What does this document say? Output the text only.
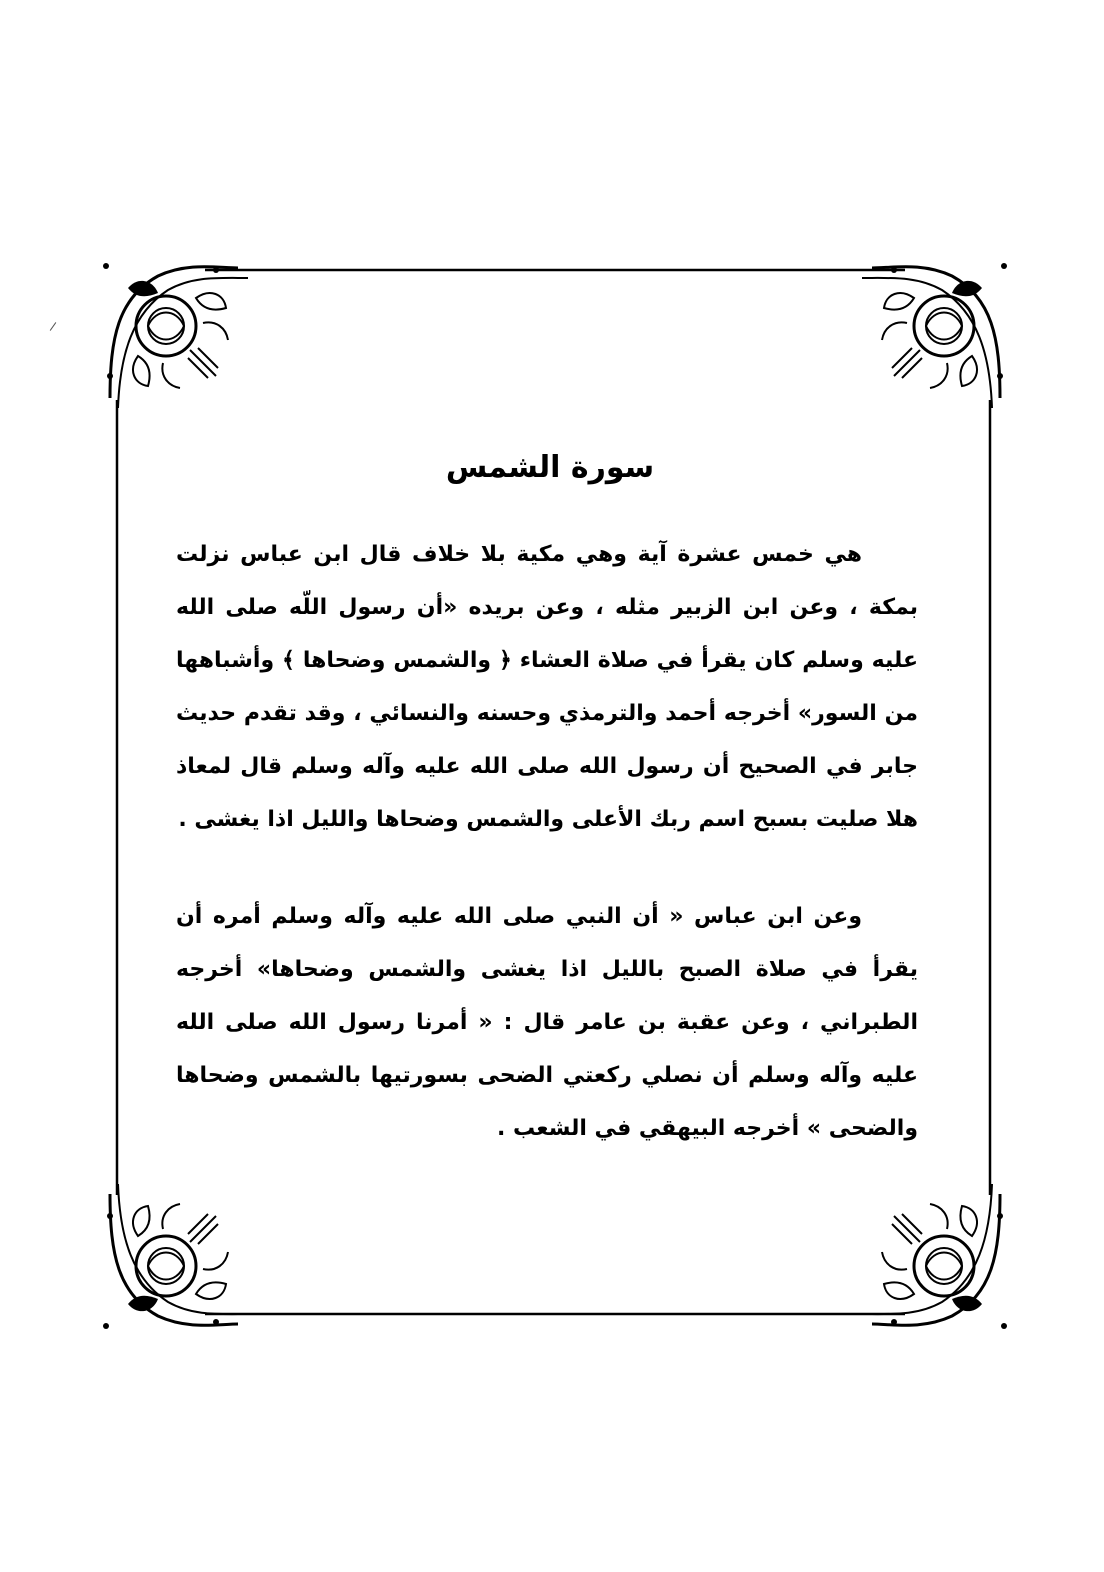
سورة الشمس

هي خمس عشرة آية وهي مكية بلا خلاف قال ابن عباس نزلت بمكة ، وعن ابن الزبير مثله ، وعن بريده «أن رسول اللّه صلى الله عليه وسلم كان يقرأ في صلاة العشاء ﴿ والشمس وضحاها ﴾ وأشباهها من السور» أخرجه أحمد والترمذي وحسنه والنسائي ، وقد تقدم حديث جابر في الصحيح أن رسول الله صلى الله عليه وآله وسلم قال لمعاذ هلا صليت بسبح اسم ربك الأعلى والشمس وضحاها والليل اذا يغشى .

وعن ابن عباس « أن النبي صلى الله عليه وآله وسلم أمره أن يقرأ في صلاة الصبح بالليل اذا يغشى والشمس وضحاها» أخرجه الطبراني ، وعن عقبة بن عامر قال : « أمرنا رسول الله صلى الله عليه وآله وسلم أن نصلي ركعتي الضحى بسورتيها بالشمس وضحاها والضحى » أخرجه البيهقي في الشعب .
